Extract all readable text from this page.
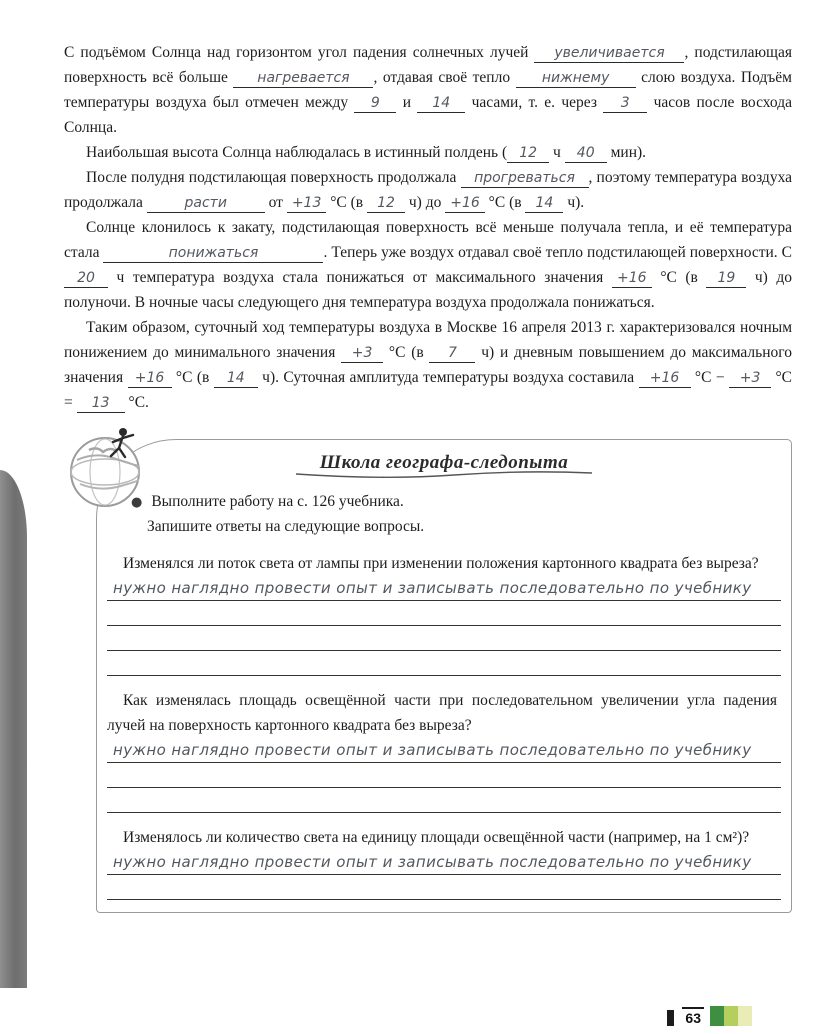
С подъёмом Солнца над горизонтом угол падения солнечных лучей увеличивается , подстилающая поверхность всё больше нагревается , отдавая своё тепло нижнему слою воздуха. Подъём температуры воздуха был отмечен между 9 и 14 часами, т. е. через 3 часов после восхода Солнца.
Наибольшая высота Солнца наблюдалась в истинный полдень ( 12 ч 40 мин).
После полудня подстилающая поверхность продолжала прогреваться , поэтому температура воздуха продолжала	расти от +13 °С (в 12 ч) до +16 °С (в 14 ч).
Солнце клонилось к закату, подстилающая поверхность всё меньше получала тепла, и её температура стала	понижаться	. Теперь уже воздух отдавал своё тепло подстилающей поверхности. С 20 ч температура воздуха стала понижаться от максимального значения +16 °С (в 19 ч) до полуночи. В ночные часы следующего дня температура воздуха продолжала понижаться.
Таким образом, суточный ход температуры воздуха в Москве 16 апреля 2013 г. характеризовался ночным понижением до минимального значения +3 °С (в 7 ч) и дневным повышением до максимального значения +16 °С (в 14 ч). Суточная амплитуда температуры воздуха составила +16 °С − +3 °С = 13 °С.
Школа географа-следопыта
● Выполните работу на с. 126 учебника.
Запишите ответы на следующие вопросы.
Изменялся ли поток света от лампы при изменении положения картонного квадрата без выреза?
нужно наглядно провести опыт и записывать последовательно по учебнику
Как изменялась площадь освещённой части при последовательном увеличении угла падения лучей на поверхность картонного квадрата без выреза?
нужно наглядно провести опыт и записывать последовательно по учебнику
Изменялось ли количество света на единицу площади освещённой части (например, на 1 см²)?
нужно наглядно провести опыт и записывать последовательно по учебнику
63
